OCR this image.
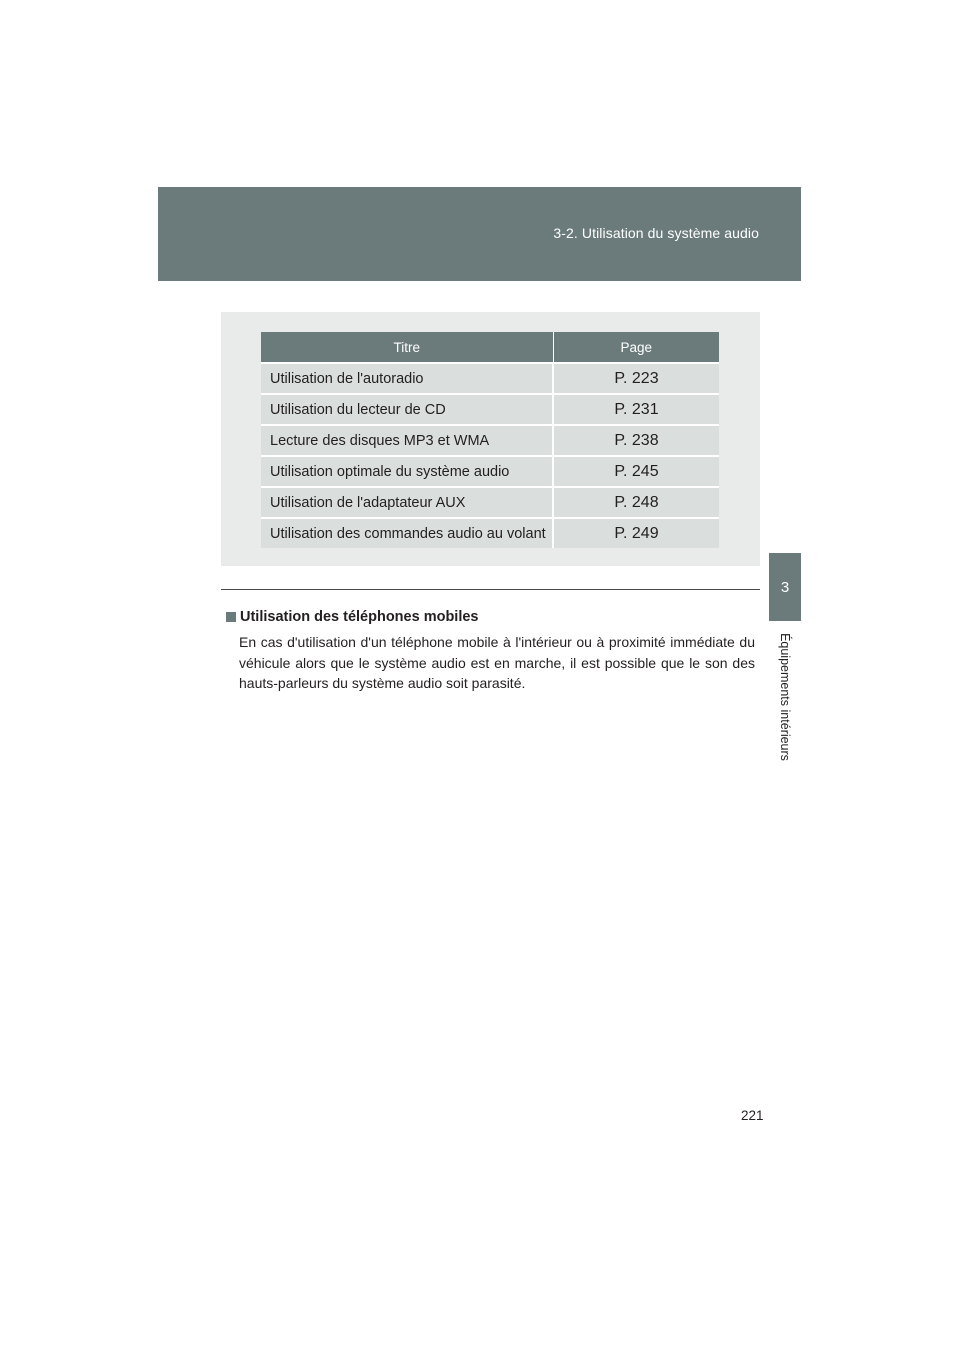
3-2. Utilisation du système audio
3
Équipements intérieurs
Titre	Page
Utilisation de l'autoradio	P. 223
Utilisation du lecteur de CD	P. 231
Lecture des disques MP3 et WMA	P. 238
Utilisation optimale du système audio	P. 245
Utilisation de l'adaptateur AUX	P. 248
Utilisation des commandes audio au volant	P. 249

Utilisation des téléphones mobiles

En cas d'utilisation d'un téléphone mobile à l'intérieur ou à proximité immédiate du véhicule alors que le système audio est en marche, il est possible que le son des hauts-parleurs du système audio soit parasité.

221
